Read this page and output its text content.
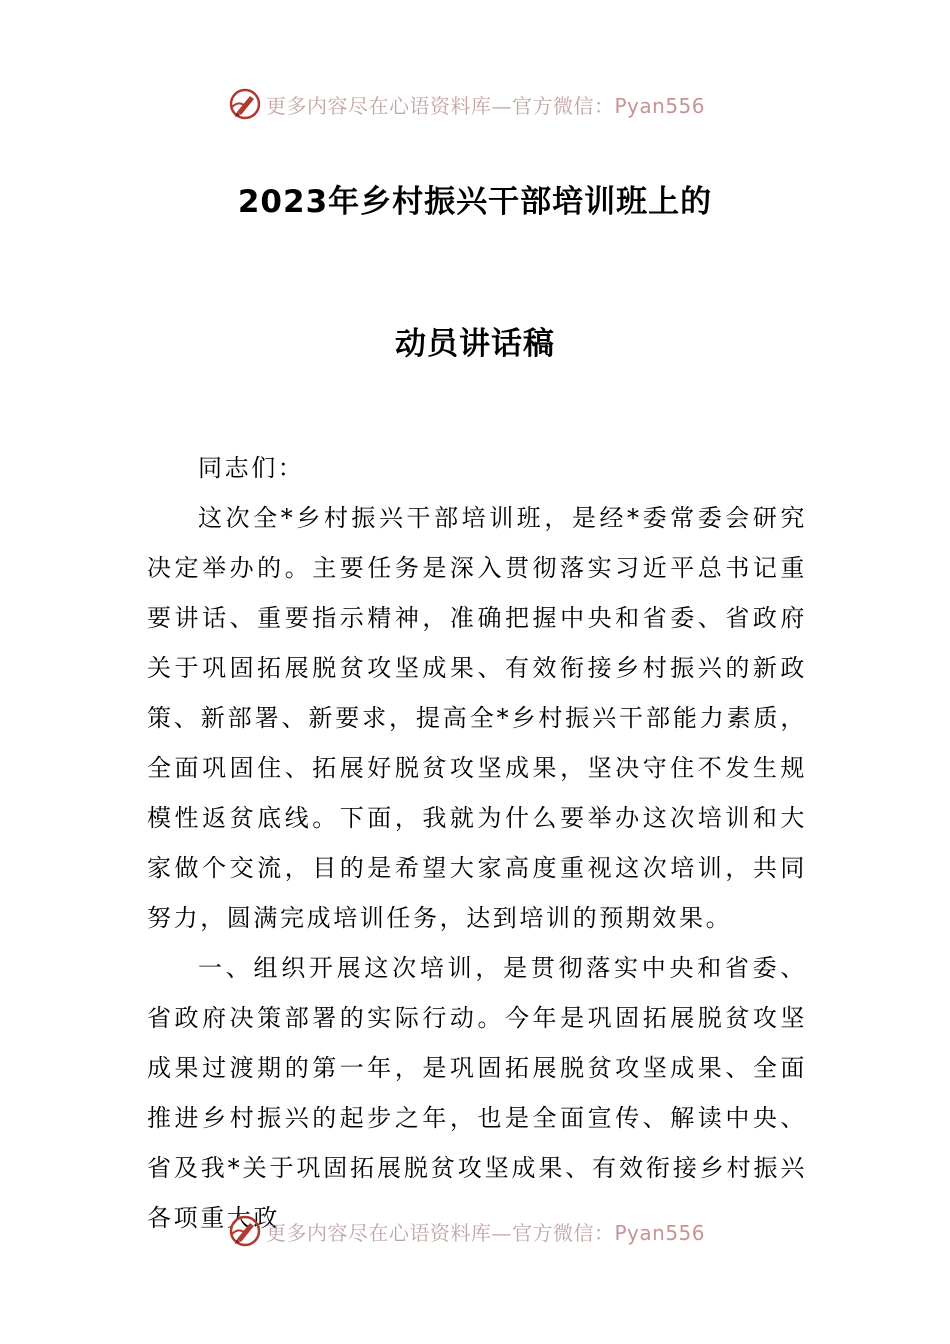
更多内容尽在心语资料库—官方微信：Pyan556
2023年乡村振兴干部培训班上的
动员讲话稿

同志们：

这次全*乡村振兴干部培训班，是经*委常委会研究决定举办的。主要任务是深入贯彻落实习近平总书记重要讲话、重要指示精神，准确把握中央和省委、省政府关于巩固拓展脱贫攻坚成果、有效衔接乡村振兴的新政策、新部署、新要求，提高全*乡村振兴干部能力素质，全面巩固住、拓展好脱贫攻坚成果，坚决守住不发生规模性返贫底线。下面，我就为什么要举办这次培训和大家做个交流，目的是希望大家高度重视这次培训，共同努力，圆满完成培训任务，达到培训的预期效果。

一、组织开展这次培训，是贯彻落实中央和省委、省政府决策部署的实际行动。今年是巩固拓展脱贫攻坚成果过渡期的第一年，是巩固拓展脱贫攻坚成果、全面推进乡村振兴的起步之年，也是全面宣传、解读中央、省及我*关于巩固拓展脱贫攻坚成果、有效衔接乡村振兴各项重大政

更多内容尽在心语资料库—官方微信：Pyan556
